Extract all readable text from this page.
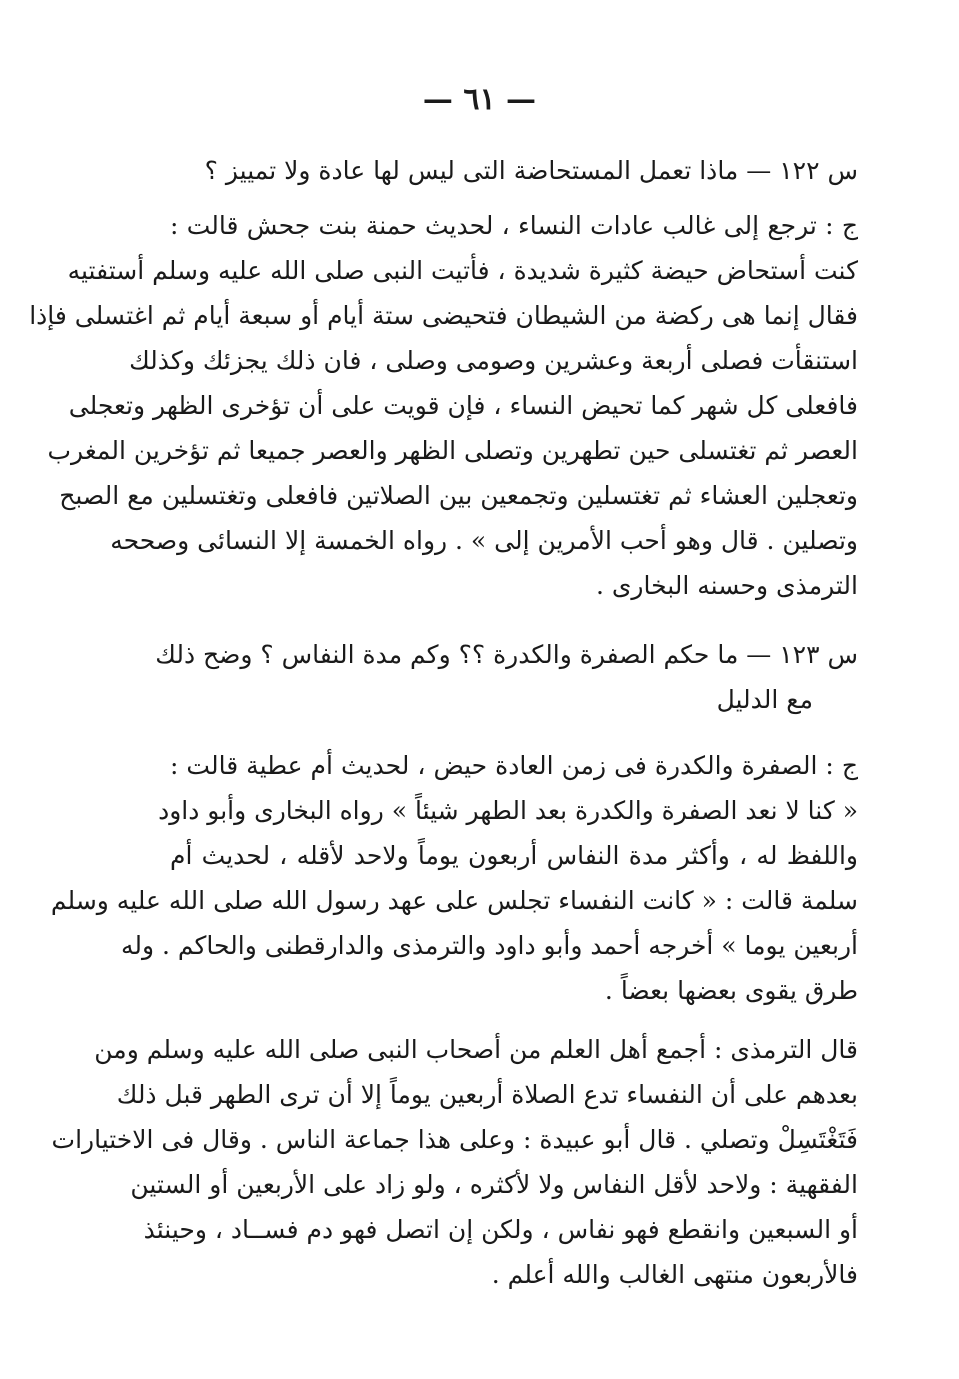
— ٦١ —
س ١٢٢ — ماذا تعمل المستحاضة التى ليس لها عادة ولا تمييز ؟
ج : ترجع إلى غالب عادات النساء ، لحديث حمنة بنت جحش قالت :
كنت أستحاض حيضة كثيرة شديدة ، فأتيت النبى صلى الله عليه وسلم أستفتيه
فقال إنما هى ركضة من الشيطان فتحيضى ستة أيام أو سبعة أيام ثم اغتسلى فإذا
استنقأت فصلى أربعة وعشرين وصومى وصلى ، فان ذلك يجزئك وكذلك
فافعلى كل شهر كما تحيض النساء ، فإن قويت على أن تؤخرى الظهر وتعجلى
العصر ثم تغتسلى حين تطهرين وتصلى الظهر والعصر جميعا ثم تؤخرين المغرب
وتعجلين العشاء ثم تغتسلين وتجمعين بين الصلاتين فافعلى وتغتسلين مع الصبح
وتصلين . قال وهو أحب الأمرين إلى » . رواه الخمسة إلا النسائى وصححه
الترمذى وحسنه البخارى .
س ١٢٣ — ما حكم الصفرة والكدرة ؟؟ وكم مدة النفاس ؟ وضح ذلك
مع الدليل
ج : الصفرة والكدرة فى زمن العادة حيض ، لحديث أم عطية قالت :
« كنا لا نعد الصفرة والكدرة بعد الطهر شيئاً » رواه البخارى وأبو داود
واللفظ له ، وأكثر مدة النفاس أربعون يوماً ولاحد لأقله ، لحديث أم
سلمة قالت : « كانت النفساء تجلس على عهد رسول الله صلى الله عليه وسلم
أربعين يوما » أخرجه أحمد وأبو داود والترمذى والدارقطنى والحاكم . وله
طرق يقوى بعضها بعضاً .
قال الترمذى : أجمع أهل العلم من أصحاب النبى صلى الله عليه وسلم ومن
بعدهم على أن النفساء تدع الصلاة أربعين يوماً إلا أن ترى الطهر قبل ذلك
فَتَغْتَسِلْ وتصلي . قال أبو عبيدة : وعلى هذا جماعة الناس . وقال فى الاختيارات
الفقهية : ولاحد لأقل النفاس ولا لأكثره ، ولو زاد على الأربعين أو الستين
أو السبعين وانقطع فهو نفاس ، ولكن إن اتصل فهو دم فســاد ، وحينئذ
فالأربعون منتهى الغالب والله أعلم .
